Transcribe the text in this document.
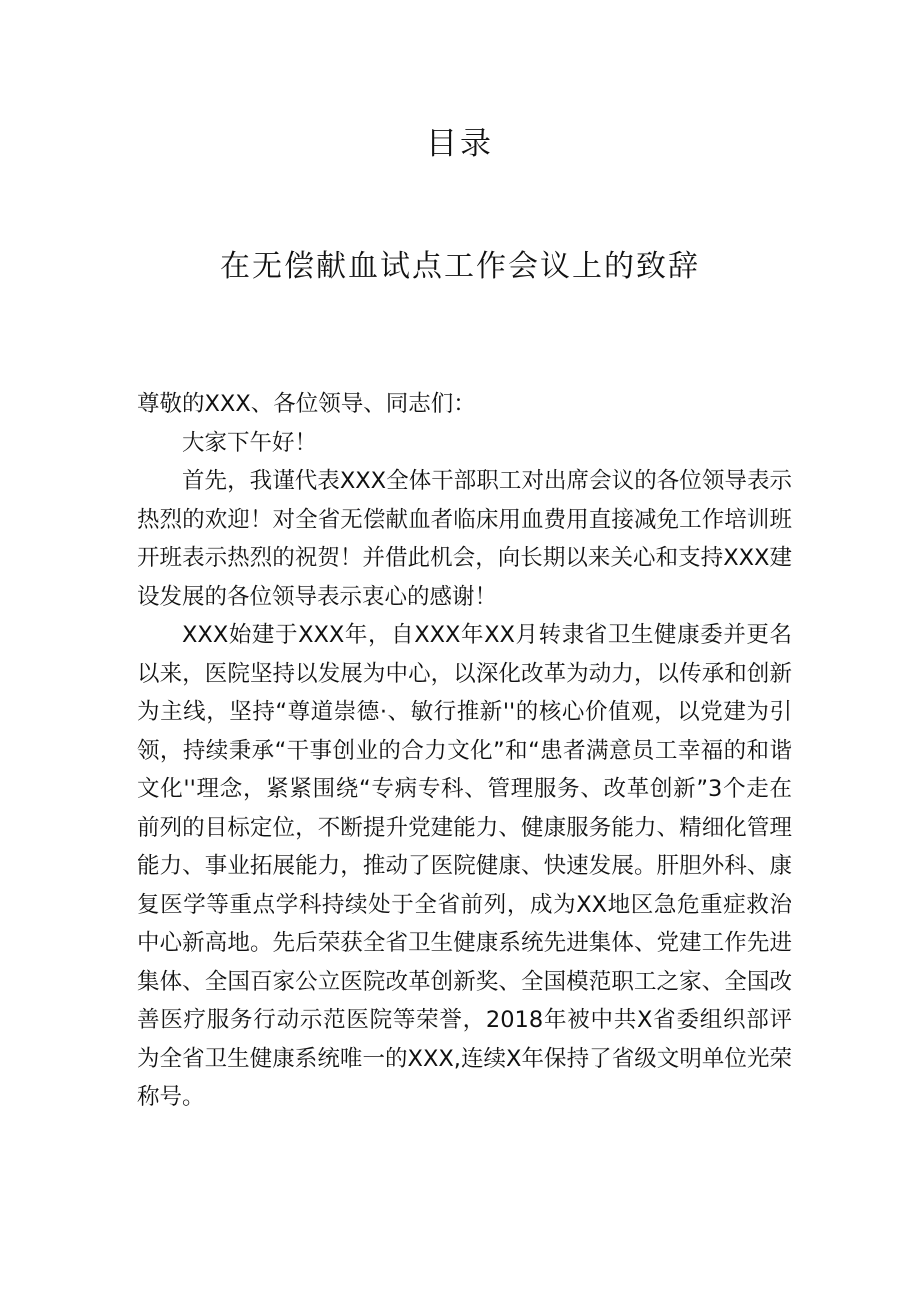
目录
在无偿献血试点工作会议上的致辞

尊敬的XXX、各位领导、同志们：

大家下午好！

首先，我谨代表XXX全体干部职工对出席会议的各位领导表示热烈的欢迎！对全省无偿献血者临床用血费用直接减免工作培训班开班表示热烈的祝贺！并借此机会，向长期以来关心和支持XXX建设发展的各位领导表示衷心的感谢！

XXX始建于XXX年，自XXX年XX月转隶省卫生健康委并更名以来，医院坚持以发展为中心，以深化改革为动力，以传承和创新为主线，坚持“尊道崇德·、敏行推新''的核心价值观，以党建为引领，持续秉承“干事创业的合力文化”和“患者满意员工幸福的和谐文化''理念，紧紧围绕“专病专科、管理服务、改革创新”3个走在前列的目标定位，不断提升党建能力、健康服务能力、精细化管理能力、事业拓展能力，推动了医院健康、快速发展。肝胆外科、康复医学等重点学科持续处于全省前列，成为XX地区急危重症救治中心新高地。先后荣获全省卫生健康系统先进集体、党建工作先进集体、全国百家公立医院改革创新奖、全国模范职工之家、全国改善医疗服务行动示范医院等荣誉，2018年被中共X省委组织部评为全省卫生健康系统唯一的XXX,连续X年保持了省级文明单位光荣称号。
